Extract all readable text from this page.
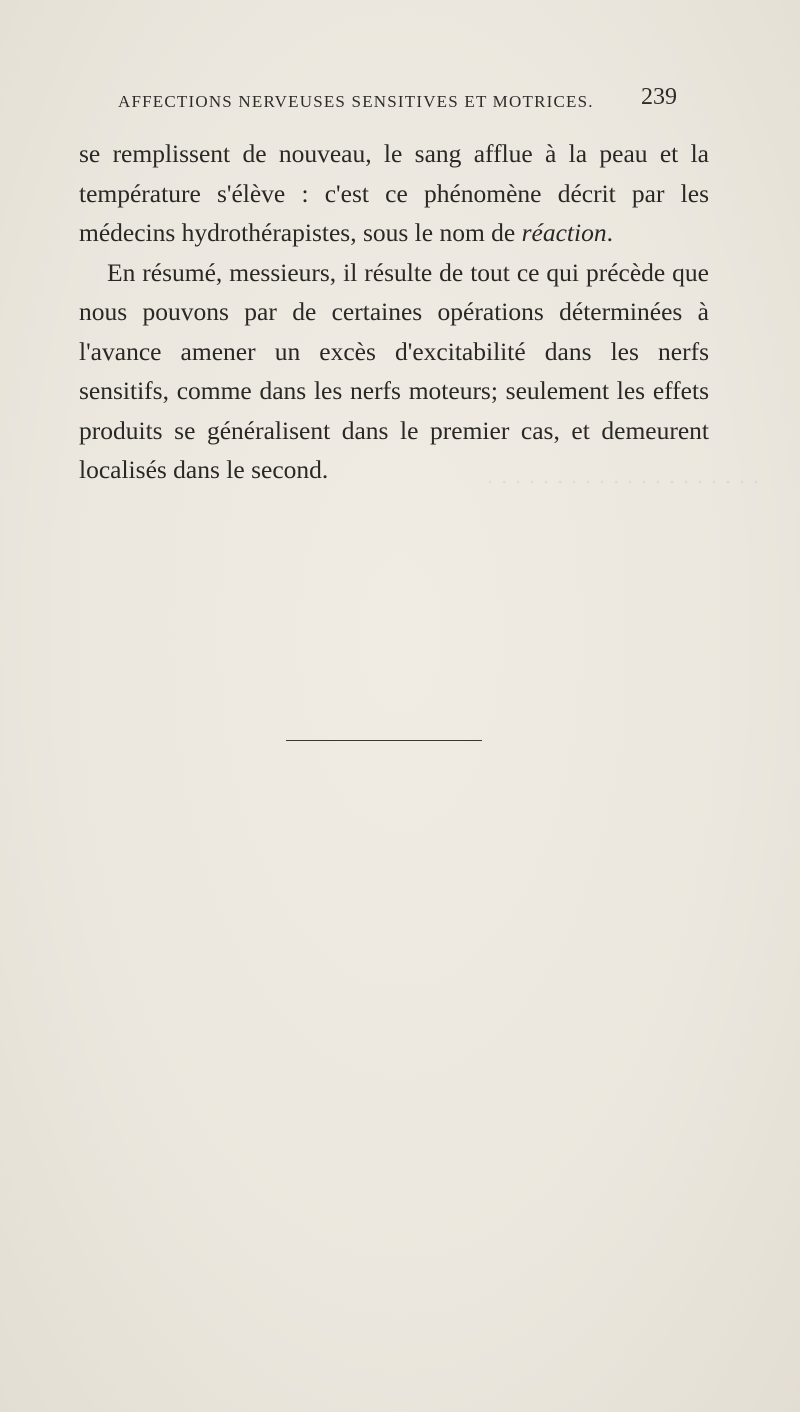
· · · · · · · · · · · · · · · · · · · ·
AFFECTIONS NERVEUSES SENSITIVES ET MOTRICES. 239

se remplissent de nouveau, le sang afflue à la peau et la température s'élève : c'est ce phénomène décrit par les médecins hydrothérapistes, sous le nom de réaction.

En résumé, messieurs, il résulte de tout ce qui précède que nous pouvons par de certaines opérations déterminées à l'avance amener un excès d'excitabilité dans les nerfs sensitifs, comme dans les nerfs moteurs; seulement les effets produits se généralisent dans le premier cas, et demeurent localisés dans le second.
